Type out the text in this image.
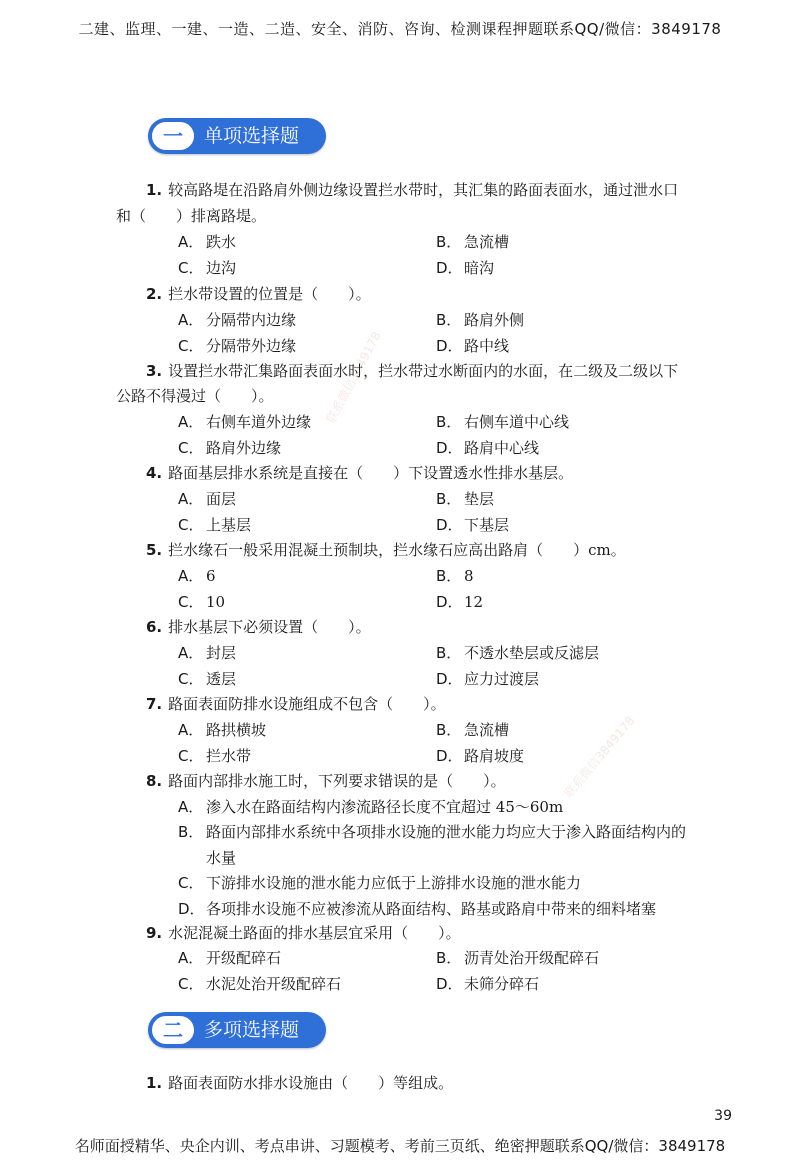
二建、监理、一建、一造、二造、安全、消防、咨询、检测课程押题联系QQ/微信：3849178
一	单项选择题
1. 较高路堤在沿路肩外侧边缘设置拦水带时，其汇集的路面表面水，通过泄水口
和（　　）排离路堤。
A． 跌水	B． 急流槽
C． 边沟	D．暗沟
2. 拦水带设置的位置是（　　）。
A． 分隔带内边缘	B． 路肩外侧
C． 分隔带外边缘	D．路中线
3. 设置拦水带汇集路面表面水时，拦水带过水断面内的水面，在二级及二级以下
公路不得漫过（　　）。
A． 右侧车道外边缘	B． 右侧车道中心线
C． 路肩外边缘	D．路肩中心线
4. 路面基层排水系统是直接在（　　）下设置透水性排水基层。
A． 面层	B． 垫层
C． 上基层	D．下基层
5. 拦水缘石一般采用混凝土预制块，拦水缘石应高出路肩（　　）cm。
A． 6	B． 8
C． 10	D．12
6. 排水基层下必须设置（　　）。
A． 封层	B． 不透水垫层或反滤层
C． 透层	D．应力过渡层
7. 路面表面防排水设施组成不包含（　　）。
A． 路拱横坡	B． 急流槽
C． 拦水带	D．路肩坡度
8. 路面内部排水施工时，下列要求错误的是（　　）。
A． 渗入水在路面结构内渗流路径长度不宜超过 45～60m
B． 路面内部排水系统中各项排水设施的泄水能力均应大于渗入路面结构内的
水量
C． 下游排水设施的泄水能力应低于上游排水设施的泄水能力
D．各项排水设施不应被渗流从路面结构、路基或路肩中带来的细料堵塞
9. 水泥混凝土路面的排水基层宜采用（　　）。
A． 开级配碎石	B． 沥青处治开级配碎石
C． 水泥处治开级配碎石	D．未筛分碎石
二	多项选择题
1. 路面表面防水排水设施由（　　）等组成。
联系微信3849178
联系微信3849178
39
名师面授精华、央企内训、考点串讲、习题模考、考前三页纸、绝密押题联系QQ/微信：3849178
